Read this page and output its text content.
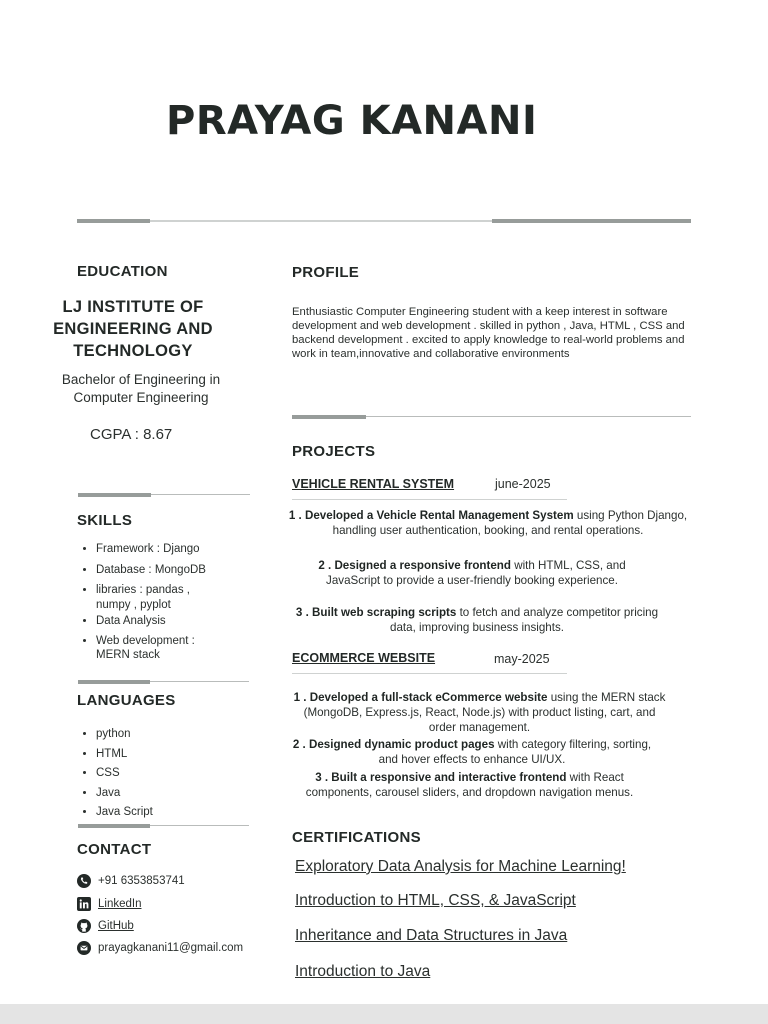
PRAYAG KANANI
EDUCATION
LJ INSTITUTE OF
ENGINEERING AND
TECHNOLOGY
Bachelor of Engineering in
Computer Engineering
CGPA : 8.67
SKILLS
• Framework : Django
• Database : MongoDB
• libraries : pandas , numpy , pyplot
• Data Analysis
• Web development : MERN stack
LANGUAGES
• python
• HTML
• CSS
• Java
• Java Script
CONTACT
+91 6353853741
LinkedIn
GitHub
prayagkanani11@gmail.com
PROFILE
Enthusiastic Computer Engineering student with a keep interest in software development and web development . skilled in python , Java, HTML , CSS and backend development . excited to apply knowledge to real-world problems and work in team,innovative and collaborative environments
PROJECTS
VEHICLE RENTAL SYSTEM	june-2025
1 . Developed a Vehicle Rental Management System using Python Django, handling user authentication, booking, and rental operations.
2 . Designed a responsive frontend with HTML, CSS, and JavaScript to provide a user-friendly booking experience.
3 . Built web scraping scripts to fetch and analyze competitor pricing data, improving business insights.
ECOMMERCE WEBSITE	may-2025
1 . Developed a full-stack eCommerce website using the MERN stack (MongoDB, Express.js, React, Node.js) with product listing, cart, and order management.
2 . Designed dynamic product pages with category filtering, sorting, and hover effects to enhance UI/UX.
3 . Built a responsive and interactive frontend with React components, carousel sliders, and dropdown navigation menus.
CERTIFICATIONS
Exploratory Data Analysis for Machine Learning!
Introduction to HTML, CSS, & JavaScript
Inheritance and Data Structures in Java
Introduction to Java
